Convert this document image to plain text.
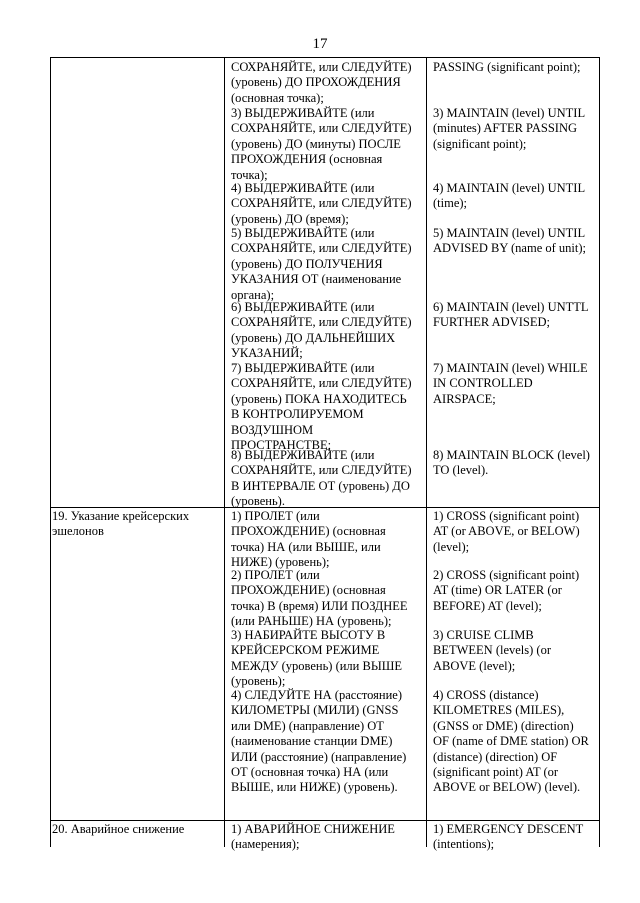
17
СОХРАНЯЙТЕ, или СЛЕДУЙТЕ)
(уровень) ДО ПРОХОЖДЕНИЯ
(основная точка);
PASSING (significant point);
3) ВЫДЕРЖИВАЙТЕ (или
СОХРАНЯЙТЕ, или СЛЕДУЙТЕ)
(уровень) ДО (минуты) ПОСЛЕ
ПРОХОЖДЕНИЯ (основная
точка);
3) MAINTAIN (level) UNTIL
(minutes) AFTER PASSING
(significant point);
4) ВЫДЕРЖИВАЙТЕ (или
СОХРАНЯЙТЕ, или СЛЕДУЙТЕ)
(уровень) ДО (время);
4) MAINTAIN (level) UNTIL
(time);
5) ВЫДЕРЖИВАЙТЕ (или
СОХРАНЯЙТЕ, или СЛЕДУЙТЕ)
(уровень) ДО ПОЛУЧЕНИЯ
УКАЗАНИЯ ОТ (наименование
органа);
5) MAINTAIN (level) UNTIL
ADVISED BY (name of unit);
6) ВЫДЕРЖИВАЙТЕ (или
СОХРАНЯЙТЕ, или СЛЕДУЙТЕ)
(уровень) ДО ДАЛЬНЕЙШИХ
УКАЗАНИЙ;
6) MAINTAIN (level) UNTTL
FURTHER ADVISED;
7) ВЫДЕРЖИВАЙТЕ (или
СОХРАНЯЙТЕ, или СЛЕДУЙТЕ)
(уровень) ПОКА НАХОДИТЕСЬ
В КОНТРОЛИРУЕМОМ
ВОЗДУШНОМ
ПРОСТРАНСТВЕ;
7) MAINTAIN (level) WHILE
IN CONTROLLED
AIRSPACE;
8) ВЫДЕРЖИВАЙТЕ (или
СОХРАНЯЙТЕ, или СЛЕДУЙТЕ)
В ИНТЕРВАЛЕ ОТ (уровень) ДО
(уровень).
8) MAINTAIN BLOCK (level)
TO (level).
19. Указание крейсерских
эшелонов
1) ПРОЛЕТ (или
ПРОХОЖДЕНИЕ) (основная
точка) НА (или ВЫШЕ, или
НИЖЕ) (уровень);
1) CROSS (significant point)
AT (or ABOVE, or BELOW)
(level);
2) ПРОЛЕТ (или
ПРОХОЖДЕНИЕ) (основная
точка) В (время) ИЛИ ПОЗДНЕЕ
(или РАНЬШЕ) НА (уровень);
2) CROSS (significant point)
AT (time) OR LATER (or
BEFORE) AT (level);
3) НАБИРАЙТЕ ВЫСОТУ В
КРЕЙСЕРСКОМ РЕЖИМЕ
МЕЖДУ (уровень) (или ВЫШЕ
(уровень);
3) CRUISE CLIMB
BETWEEN (levels) (or
ABOVE (level);
4) СЛЕДУЙТЕ НА (расстояние)
КИЛОМЕТРЫ (МИЛИ) (GNSS
или DME) (направление) ОТ
(наименование станции DME)
ИЛИ (расстояние) (направление)
ОТ (основная точка) НА (или
ВЫШЕ, или НИЖЕ) (уровень).
4) CROSS (distance)
KILOMETRES (MILES),
(GNSS or DME) (direction)
OF (name of DME station) OR
(distance) (direction) OF
(significant point) AT (or
ABOVE or BELOW) (level).
20. Аварийное снижение	1) АВАРИЙНОЕ СНИЖЕНИЕ
(намерения);
1) EMERGENCY DESCENT
(intentions);
